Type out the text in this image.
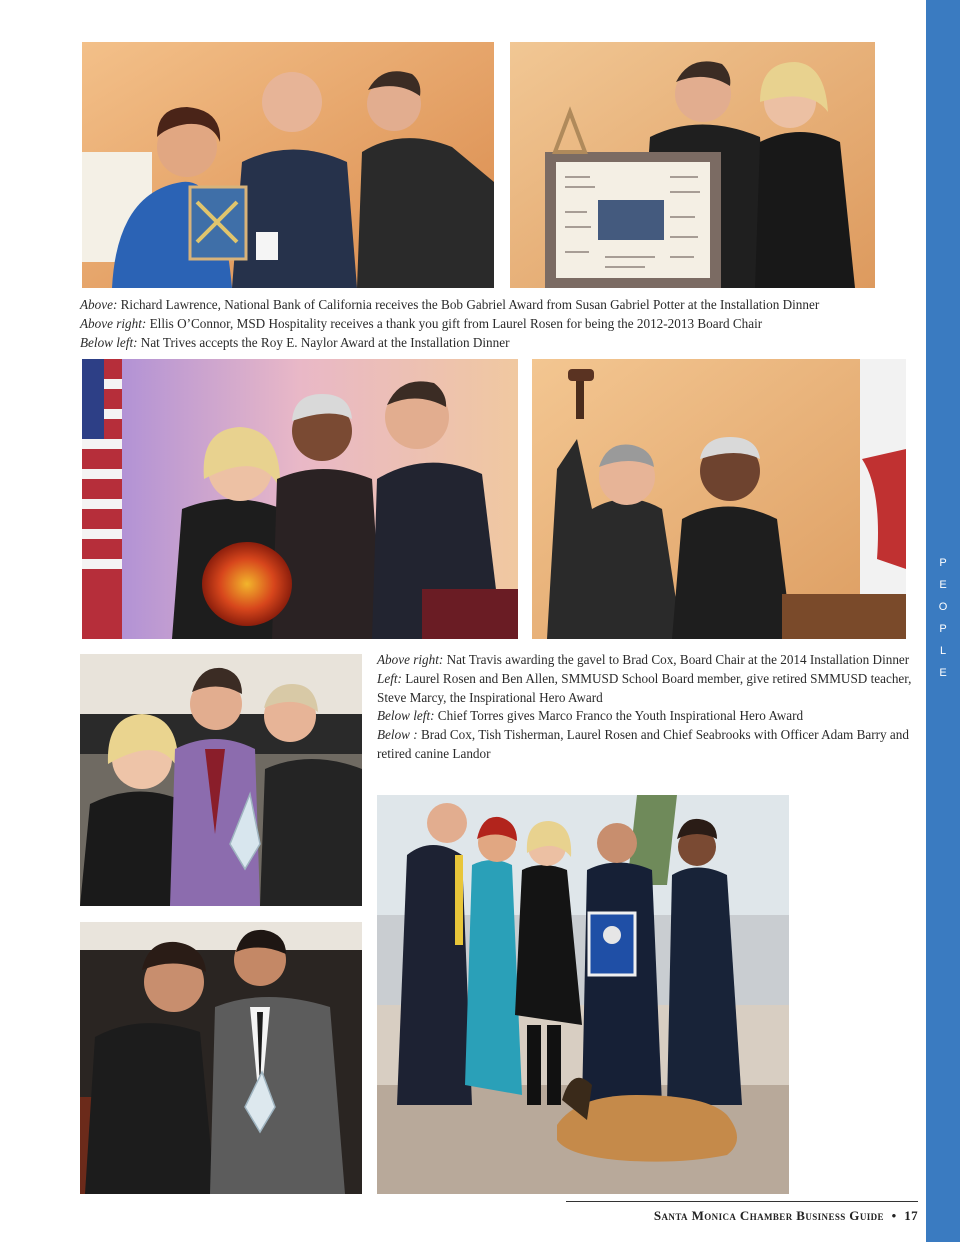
P
E
O
P
L
E

Above: Richard Lawrence, National Bank of California receives the Bob Gabriel Award from Susan Gabriel Potter at the Installation Dinner

Above right: Ellis O’Connor, MSD Hospitality receives a thank you gift from Laurel Rosen for being the 2012-2013 Board Chair

Below left: Nat Trives accepts the Roy E. Naylor Award at the Installation Dinner

Above right: Nat Travis awarding the gavel to Brad Cox, Board Chair at the 2014 Installation Dinner

Left: Laurel Rosen and Ben Allen, SMMUSD School Board member, give retired SMMUSD teacher, Steve Marcy, the Inspirational Hero Award

Below left: Chief Torres gives Marco Franco the Youth Inspirational Hero Award

Below : Brad Cox, Tish Tisherman, Laurel Rosen and Chief Seabrooks with Officer Adam Barry and retired canine Landor

Santa Monica Chamber Business Guide • 17
